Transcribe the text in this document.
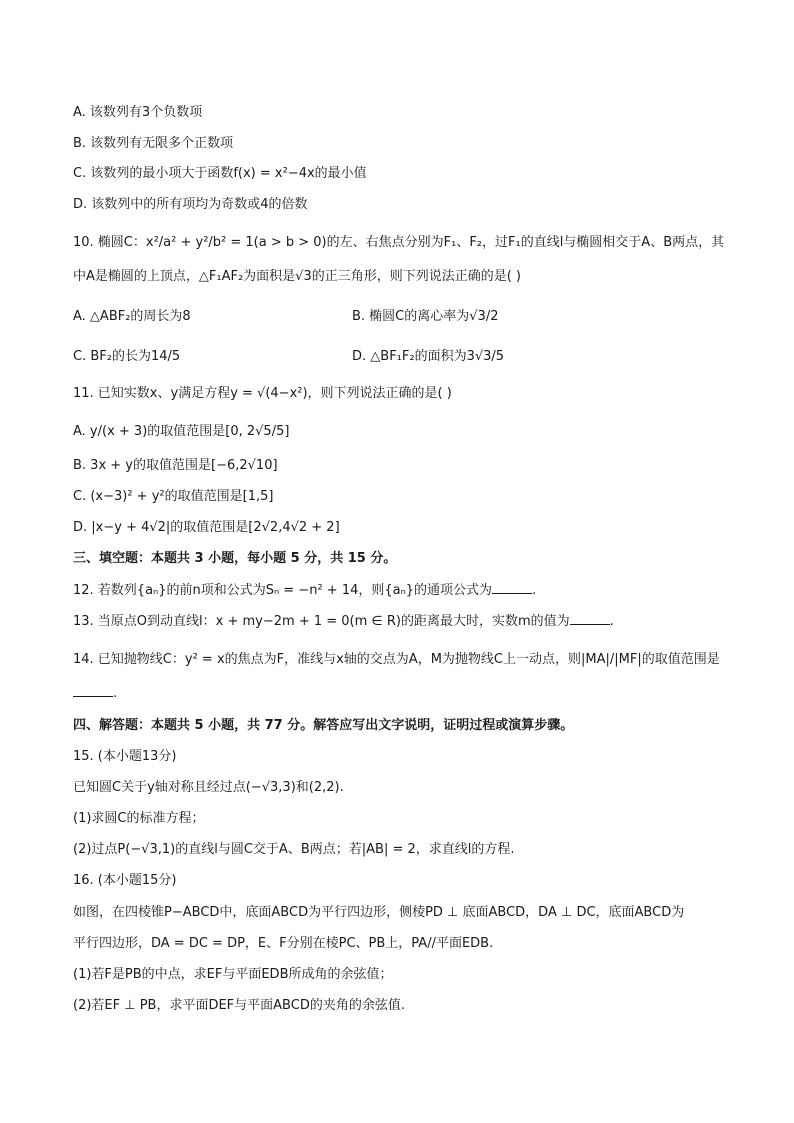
A. 该数列有3个负数项
B. 该数列有无限多个正数项
C. 该数列的最小项大于函数f(x) = x²−4x的最小值
D. 该数列中的所有项均为奇数或4的倍数
10. 椭圆C：x²/a² + y²/b² = 1(a > b > 0)的左、右焦点分别为F₁、F₂，过F₁的直线l与椭圆相交于A、B两点，其
中A是椭圆的上顶点，△F₁AF₂为面积是√3的正三角形，则下列说法正确的是( )
A. △ABF₂的周长为8	B. 椭圆C的离心率为√3/2
C. BF₂的长为14/5	D. △BF₁F₂的面积为3√3/5
11. 已知实数x、y满足方程y = √(4−x²)，则下列说法正确的是( )
A. y/(x + 3)的取值范围是[0, 2√5/5]
B. 3x + y的取值范围是[−6,2√10]
C. (x−3)² + y²的取值范围是[1,5]
D. |x−y + 4√2|的取值范围是[2√2,4√2 + 2]
三、填空题：本题共 3 小题，每小题 5 分，共 15 分。
12. 若数列{aₙ}的前n项和公式为Sₙ = −n² + 14，则{aₙ}的通项公式为	.
13. 当原点O到动直线l：x + my−2m + 1 = 0(m ∈ R)的距离最大时，实数m的值为	.
14. 已知抛物线C：y² = x的焦点为F，准线与x轴的交点为A，M为抛物线C上一动点，则|MA|/|MF|的取值范围是
.
四、解答题：本题共 5 小题，共 77 分。解答应写出文字说明，证明过程或演算步骤。
15. (本小题13分)
已知圆C关于y轴对称且经过点(−√3,3)和(2,2).
(1)求圆C的标准方程；
(2)过点P(−√3,1)的直线l与圆C交于A、B两点；若|AB| = 2，求直线l的方程.
16. (本小题15分)
如图，在四棱锥P−ABCD中，底面ABCD为平行四边形，侧棱PD ⊥ 底面ABCD，DA ⊥ DC，底面ABCD为
平行四边形，DA = DC = DP，E、F分别在棱PC、PB上，PA//平面EDB.
(1)若F是PB的中点，求EF与平面EDB所成角的余弦值；
(2)若EF ⊥ PB，求平面DEF与平面ABCD的夹角的余弦值.
